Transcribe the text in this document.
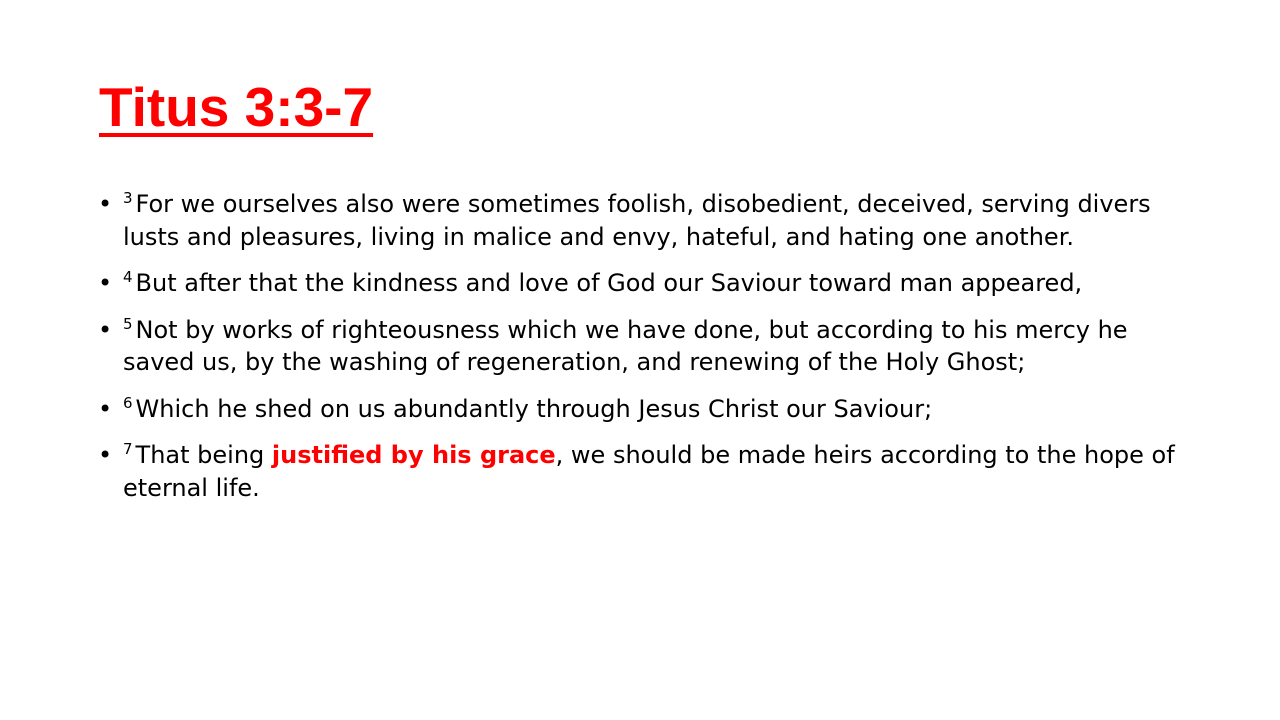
Titus 3:3-7
• $^3$ For we ourselves also were sometimes foolish, disobedient, deceived, serving divers lusts and pleasures, living in malice and envy, hateful, and hating one another.
• $^4$ But after that the kindness and love of God our Saviour toward man appeared,
• $^5$ Not by works of righteousness which we have done, but according to his mercy he saved us, by the washing of regeneration, and renewing of the Holy Ghost;
• $^6$ Which he shed on us abundantly through Jesus Christ our Saviour;
• $^7$ That being justified by his grace, we should be made heirs according to the hope of eternal life.
